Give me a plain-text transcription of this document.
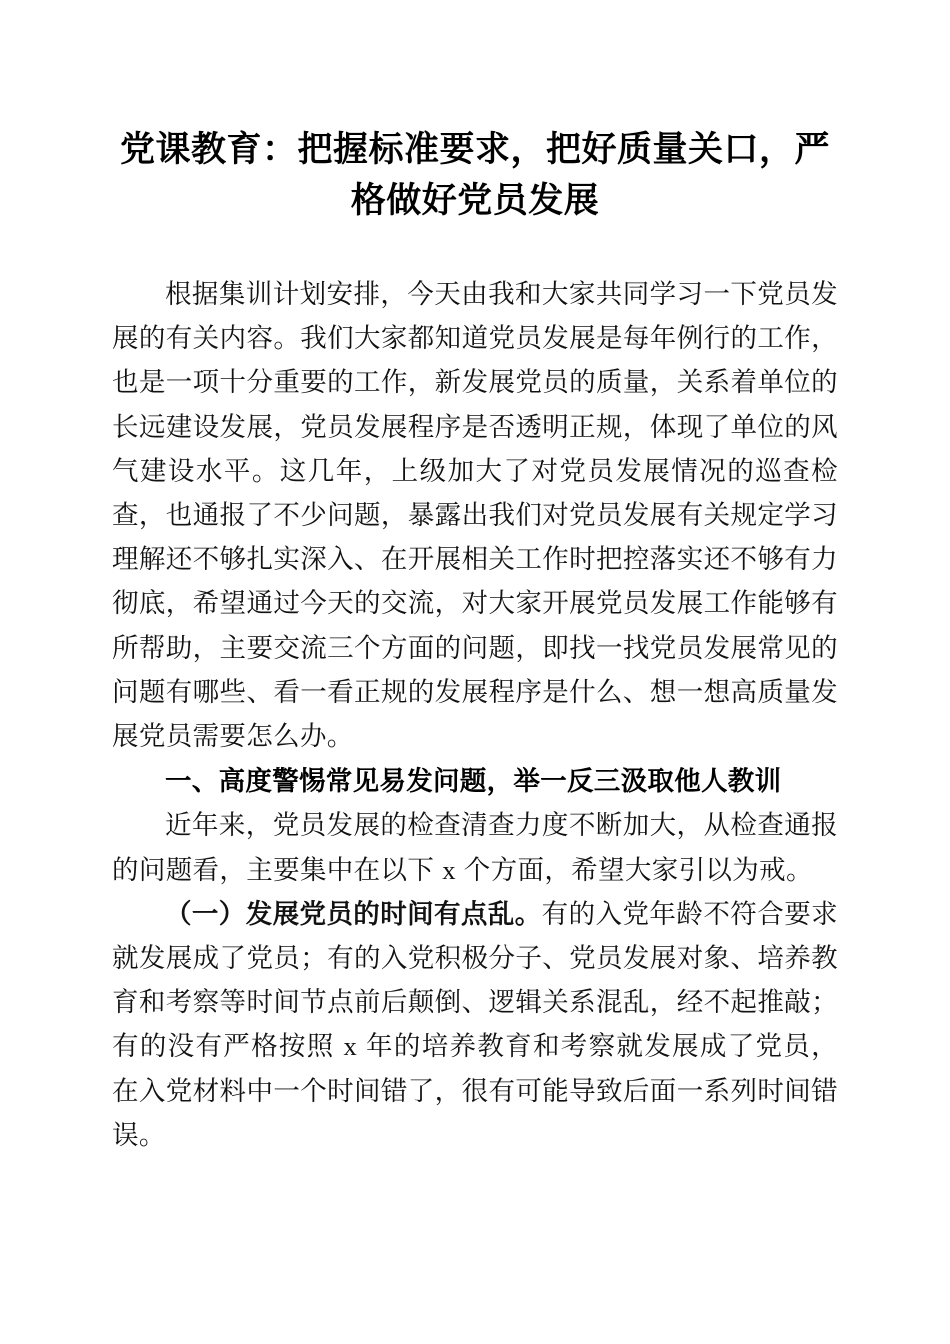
党课教育：把握标准要求，把好质量关口，严格做好党员发展

根据集训计划安排，今天由我和大家共同学习一下党员发展的有关内容。我们大家都知道党员发展是每年例行的工作，也是一项十分重要的工作，新发展党员的质量，关系着单位的长远建设发展，党员发展程序是否透明正规，体现了单位的风气建设水平。这几年，上级加大了对党员发展情况的巡查检查，也通报了不少问题，暴露出我们对党员发展有关规定学习理解还不够扎实深入、在开展相关工作时把控落实还不够有力彻底，希望通过今天的交流，对大家开展党员发展工作能够有所帮助，主要交流三个方面的问题，即找一找党员发展常见的问题有哪些、看一看正规的发展程序是什么、想一想高质量发展党员需要怎么办。

一、高度警惕常见易发问题，举一反三汲取他人教训

近年来，党员发展的检查清查力度不断加大，从检查通报的问题看，主要集中在以下 x 个方面，希望大家引以为戒。

（一）发展党员的时间有点乱。有的入党年龄不符合要求就发展成了党员；有的入党积极分子、党员发展对象、培养教育和考察等时间节点前后颠倒、逻辑关系混乱，经不起推敲；有的没有严格按照 x 年的培养教育和考察就发展成了党员，在入党材料中一个时间错了，很有可能导致后面一系列时间错误。
